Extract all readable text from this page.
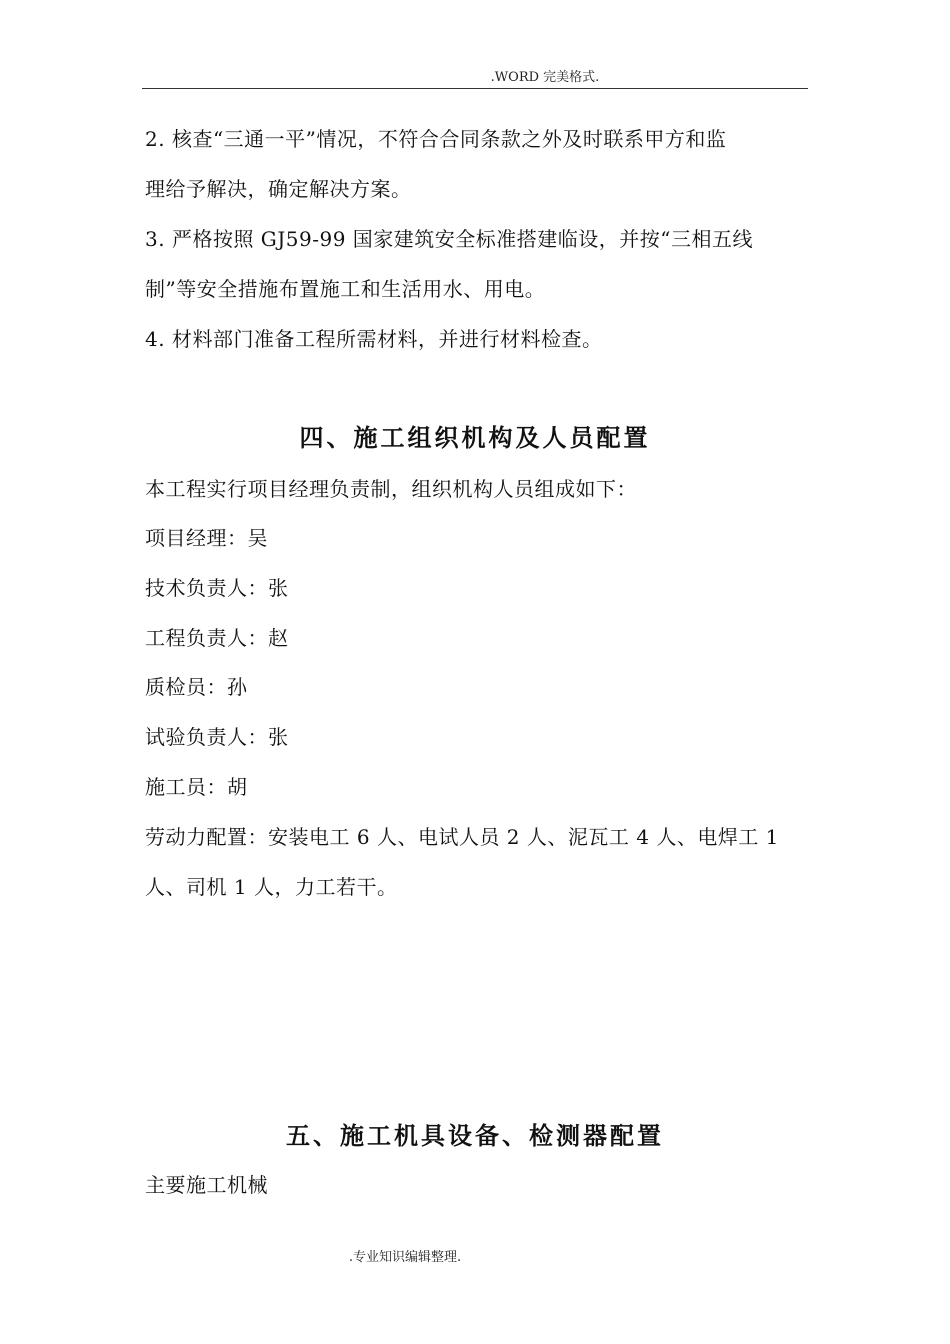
.WORD 完美格式.
2. 核查“三通一平”情况，不符合合同条款之外及时联系甲方和监
理给予解决，确定解决方案。
3. 严格按照 GJ59-99 国家建筑安全标准搭建临设，并按“三相五线
制”等安全措施布置施工和生活用水、用电。
4. 材料部门准备工程所需材料，并进行材料检查。
四、施工组织机构及人员配置
本工程实行项目经理负责制，组织机构人员组成如下：
项目经理：吴
技术负责人：张
工程负责人：赵
质检员：孙
试验负责人：张
施工员：胡
劳动力配置：安装电工 6 人、电试人员 2 人、泥瓦工 4 人、电焊工 1
人、司机 1 人，力工若干。
五、施工机具设备、检测器配置
主要施工机械
.专业知识编辑整理.
